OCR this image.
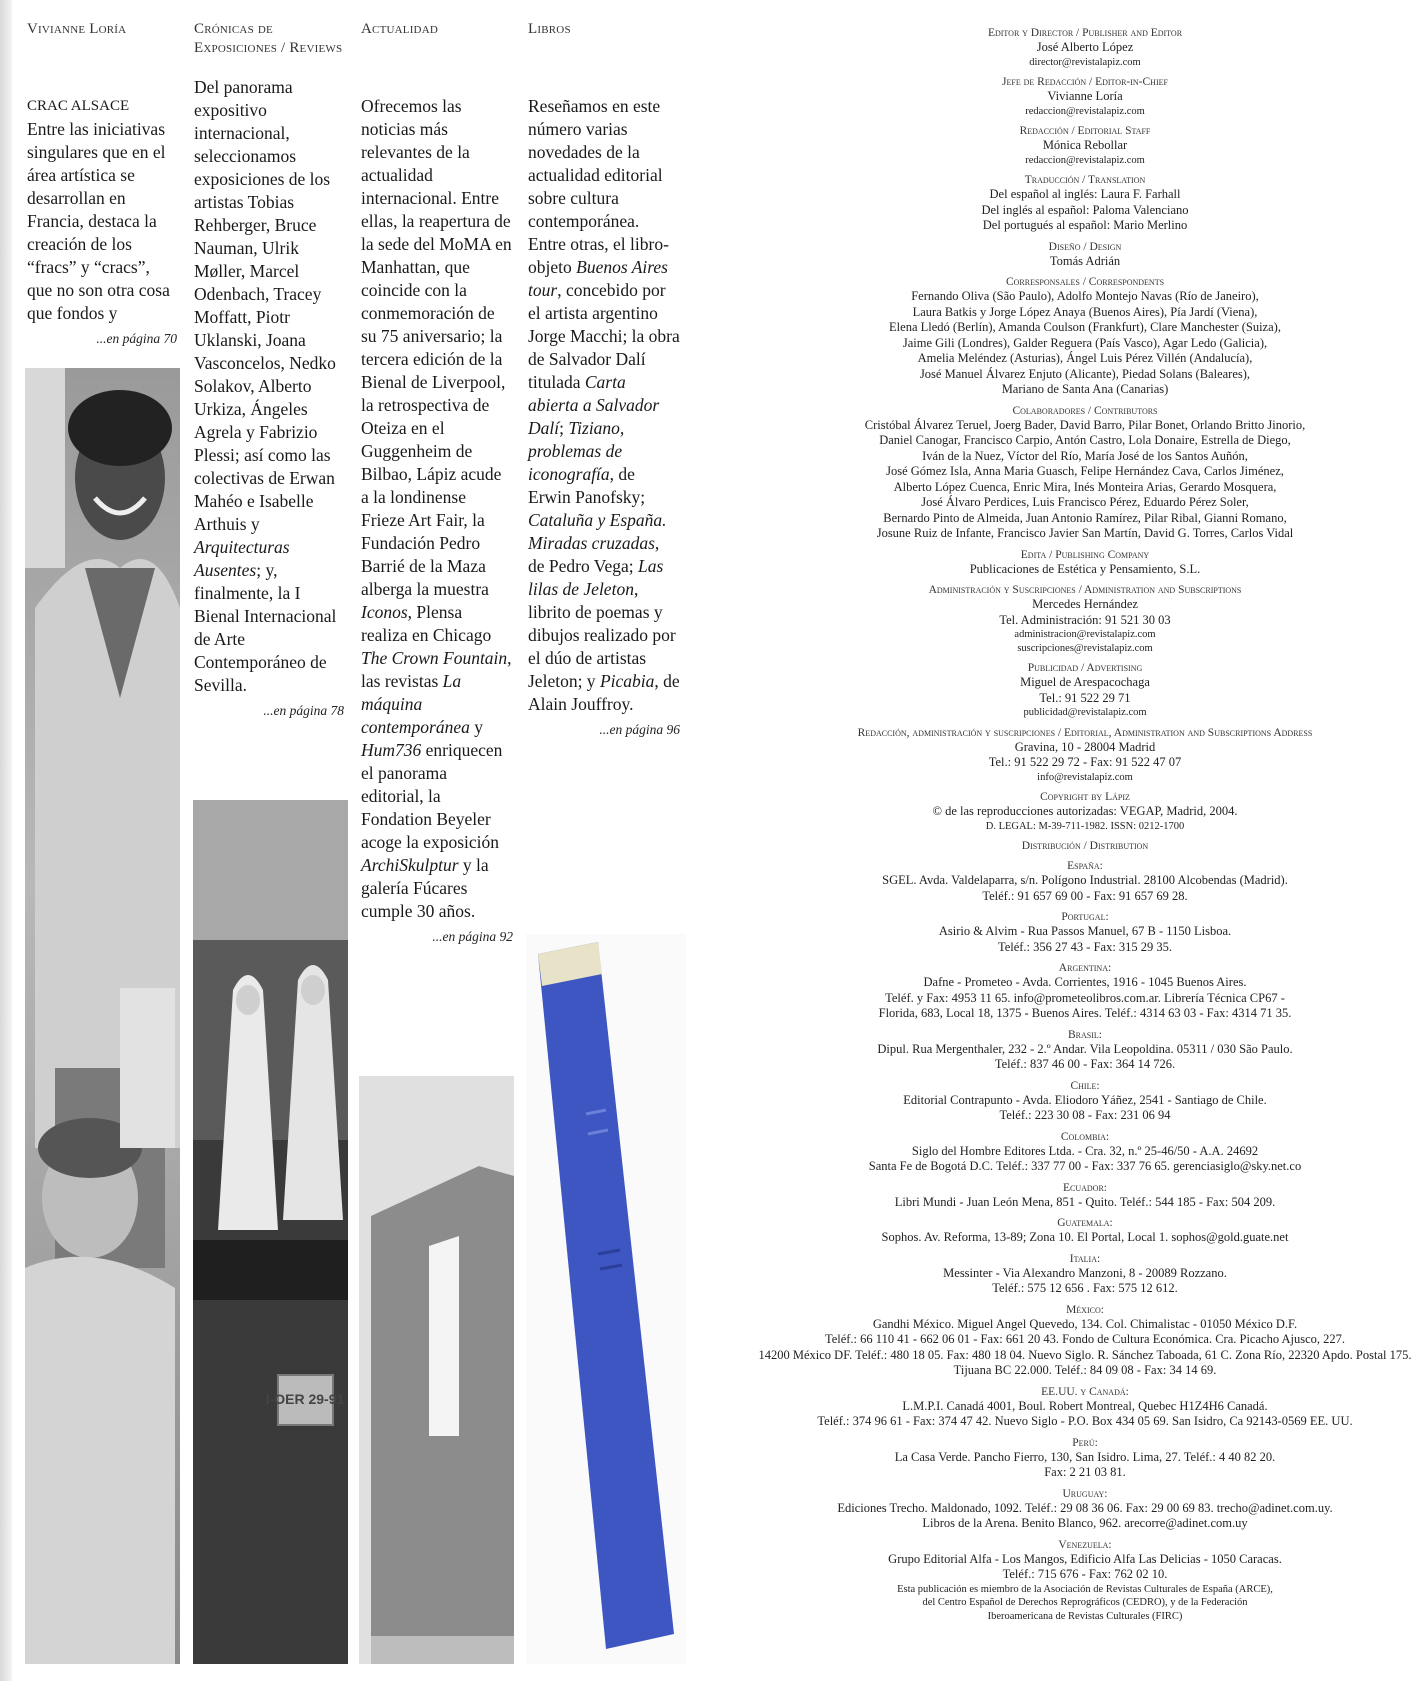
Vivianne Loría
CRAC ALSACE
Entre las iniciativas singulares que en el área artística se desarrollan en Francia, destaca la creación de los “fracs” y “cracs”, que no son otra cosa que fondos y
...en página 70
Crónicas de Exposiciones / Reviews
Del panorama expositivo internacional, seleccionamos exposiciones de los artistas Tobias Rehberger, Bruce Nauman, Ulrik Møller, Marcel Odenbach, Tracey Moffatt, Piotr Uklanski, Joana Vasconcelos, Nedko Solakov, Alberto Urkiza, Ángeles Agrela y Fabrizio Plessi; así como las colectivas de Erwan Mahéo e Isabelle Arthuis y Arquitecturas Ausentes; y, finalmente, la I Bienal Internacional de Arte Contemporáneo de Sevilla.
...en página 78
Actualidad
Ofrecemos las noticias más relevantes de la actualidad internacional. Entre ellas, la reapertura de la sede del MoMA en Manhattan, que coincide con la conmemoración de su 75 aniversario; la tercera edición de la Bienal de Liverpool, la retrospectiva de Oteiza en el Guggenheim de Bilbao, Lápiz acude a la londinense Frieze Art Fair, la Fundación Pedro Barrié de la Maza alberga la muestra Iconos, Plensa realiza en Chicago The Crown Fountain, las revistas La máquina contemporánea y Hum736 enriquecen el panorama editorial, la Fondation Beyeler acoge la exposición ArchiSkulptur y la galería Fúcares cumple 30 años.
...en página 92
Libros
Reseñamos en este número varias novedades de la actualidad editorial sobre cultura contemporánea. Entre otras, el libro-objeto Buenos Aires tour, concebido por el artista argentino Jorge Macchi; la obra de Salvador Dalí titulada Carta abierta a Salvador Dalí; Tiziano, problemas de iconografía, de Erwin Panofsky; Cataluña y España. Miradas cruzadas, de Pedro Vega; Las lilas de Jeleton, librito de poemas y dibujos realizado por el dúo de artistas Jeleton; y Picabia, de Alain Jouffroy.
...en página 96
I-OER 29-91
Editor y Director / Publisher and Editor
José Alberto López
director@revistalapiz.com
Jefe de Redacción / Editor-in-Chief
Vivianne Loría
redaccion@revistalapiz.com
Redacción / Editorial Staff
Mónica Rebollar
redaccion@revistalapiz.com
Traducción / Translation
Del español al inglés: Laura F. Farhall
Del inglés al español: Paloma Valenciano
Del portugués al español: Mario Merlino
Diseño / Design
Tomás Adrián
Corresponsales / Correspondents
Fernando Oliva (São Paulo), Adolfo Montejo Navas (Río de Janeiro),
Laura Batkis y Jorge López Anaya (Buenos Aires), Pía Jardí (Viena),
Elena Lledó (Berlín), Amanda Coulson (Frankfurt), Clare Manchester (Suiza),
Jaime Gili (Londres), Galder Reguera (País Vasco), Agar Ledo (Galicia),
Amelia Meléndez (Asturias), Ángel Luis Pérez Villén (Andalucía),
José Manuel Álvarez Enjuto (Alicante), Piedad Solans (Baleares),
Mariano de Santa Ana (Canarias)
Colaboradores / Contributors
Cristóbal Álvarez Teruel, Joerg Bader, David Barro, Pilar Bonet, Orlando Britto Jinorio,
Daniel Canogar, Francisco Carpio, Antón Castro, Lola Donaire, Estrella de Diego,
Iván de la Nuez, Víctor del Río, María José de los Santos Auñón,
José Gómez Isla, Anna Maria Guasch, Felipe Hernández Cava, Carlos Jiménez,
Alberto López Cuenca, Enric Mira, Inés Monteira Arias, Gerardo Mosquera,
José Álvaro Perdices, Luis Francisco Pérez, Eduardo Pérez Soler,
Bernardo Pinto de Almeida, Juan Antonio Ramírez, Pilar Ribal, Gianni Romano,
Josune Ruiz de Infante, Francisco Javier San Martín, David G. Torres, Carlos Vidal
Edita / Publishing Company
Publicaciones de Estética y Pensamiento, S.L.
Administración y Suscripciones / Administration and Subscriptions
Mercedes Hernández
Tel. Administración: 91 521 30 03
administracion@revistalapiz.com
suscripciones@revistalapiz.com
Publicidad / Advertising
Miguel de Arespacochaga
Tel.: 91 522 29 71
publicidad@revistalapiz.com
Redacción, administración y suscripciones / Editorial, Administration and Subscriptions Address
Gravina, 10 - 28004 Madrid
Tel.: 91 522 29 72 - Fax: 91 522 47 07
info@revistalapiz.com
Copyright by Lápiz
© de las reproducciones autorizadas: VEGAP, Madrid, 2004.
D. LEGAL: M-39-711-1982. ISSN: 0212-1700
Distribución / Distribution
España:
SGEL. Avda. Valdelaparra, s/n. Polígono Industrial. 28100 Alcobendas (Madrid).
Teléf.: 91 657 69 00 - Fax: 91 657 69 28.
Portugal:
Asirio & Alvim - Rua Passos Manuel, 67 B - 1150 Lisboa.
Teléf.: 356 27 43 - Fax: 315 29 35.
Argentina:
Dafne - Prometeo - Avda. Corrientes, 1916 - 1045 Buenos Aires.
Teléf. y Fax: 4953 11 65. info@prometeolibros.com.ar. Librería Técnica CP67 -
Florida, 683, Local 18, 1375 - Buenos Aires. Teléf.: 4314 63 03 - Fax: 4314 71 35.
Brasil:
Dipul. Rua Mergenthaler, 232 - 2.º Andar. Vila Leopoldina. 05311 / 030 São Paulo.
Teléf.: 837 46 00 - Fax: 364 14 726.
Chile:
Editorial Contrapunto - Avda. Eliodoro Yáñez, 2541 - Santiago de Chile.
Teléf.: 223 30 08 - Fax: 231 06 94
Colombia:
Siglo del Hombre Editores Ltda. - Cra. 32, n.º 25-46/50 - A.A. 24692
Santa Fe de Bogotá D.C. Teléf.: 337 77 00 - Fax: 337 76 65. gerenciasiglo@sky.net.co
Ecuador:
Libri Mundi - Juan León Mena, 851 - Quito. Teléf.: 544 185 - Fax: 504 209.
Guatemala:
Sophos. Av. Reforma, 13-89; Zona 10. El Portal, Local 1. sophos@gold.guate.net
Italia:
Messinter - Via Alexandro Manzoni, 8 - 20089 Rozzano.
Teléf.: 575 12 656 . Fax: 575 12 612.
México:
Gandhi México. Miguel Angel Quevedo, 134. Col. Chimalistac - 01050 México D.F.
Teléf.: 66 110 41 - 662 06 01 - Fax: 661 20 43. Fondo de Cultura Económica. Cra. Picacho Ajusco, 227.
14200 México DF. Teléf.: 480 18 05. Fax: 480 18 04. Nuevo Siglo. R. Sánchez Taboada, 61 C. Zona Río, 22320 Apdo. Postal 175.
Tijuana BC 22.000. Teléf.: 84 09 08 - Fax: 34 14 69.
EE.UU. y Canadá:
L.M.P.I. Canadá 4001, Boul. Robert Montreal, Quebec H1Z4H6 Canadá.
Teléf.: 374 96 61 - Fax: 374 47 42. Nuevo Siglo - P.O. Box 434 05 69. San Isidro, Ca 92143-0569 EE. UU.
Perú:
La Casa Verde. Pancho Fierro, 130, San Isidro. Lima, 27. Teléf.: 4 40 82 20.
Fax: 2 21 03 81.
Uruguay:
Ediciones Trecho. Maldonado, 1092. Teléf.: 29 08 36 06. Fax: 29 00 69 83. trecho@adinet.com.uy.
Libros de la Arena. Benito Blanco, 962. arecorre@adinet.com.uy
Venezuela:
Grupo Editorial Alfa - Los Mangos, Edificio Alfa Las Delicias - 1050 Caracas.
Teléf.: 715 676 - Fax: 762 02 10.
Esta publicación es miembro de la Asociación de Revistas Culturales de España (ARCE),
del Centro Español de Derechos Reprográficos (CEDRO), y de la Federación
Iberoamericana de Revistas Culturales (FIRC)
